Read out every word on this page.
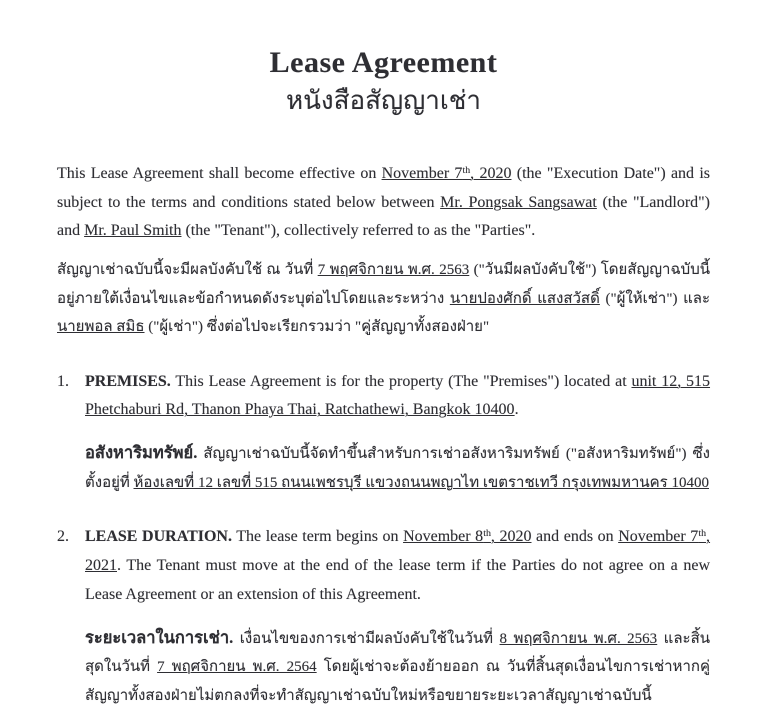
Lease Agreement
หนังสือสัญญาเช่า

This Lease Agreement shall become effective on November 7th, 2020 (the "Execution Date") and is subject to the terms and conditions stated below between Mr. Pongsak Sangsawat (the "Landlord") and Mr. Paul Smith (the "Tenant"), collectively referred to as the "Parties".

สัญญาเช่าฉบับนี้​จะมีผลบังคับใช้ ณ วันที่ 7 พฤศจิกายน พ.ศ. 2563 ("วันมีผลบังคับใช้") โดยสัญญาฉบับนี้​อยู่ภายใต้​เงื่อนไข​และ​ข้อกำหนด​ดังระบุต่อไป​โดยและระหว่าง นายปองศักดิ์ แสงสวัสดิ์ ("ผู้ให้เช่า") และ นายพอล สมิธ ("ผู้เช่า") ซึ่งต่อไปจะ​เรียกรวมว่า "คู่สัญญาทั้งสองฝ่าย"

1.	PREMISES. This Lease Agreement is for the property (The "Premises") located at unit 12, 515 Phetchaburi Rd, Thanon Phaya Thai, Ratchathewi, Bangkok 10400.

อสังหาริมทรัพย์. สัญญาเช่าฉบับนี้​จัดทำขึ้น​สำหรับ​การเช่า​อสังหาริมทรัพย์ ("อสังหาริมทรัพย์") ซึ่งตั้งอยู่ที่ ห้องเลขที่ 12 เลขที่ 515 ถนนเพชรบุรี แขวงถนนพญาไท เขตราชเทวี กรุงเทพมหานคร 10400

2.	LEASE DURATION. The lease term begins on November 8th, 2020 and ends on November 7th, 2021. The Tenant must move at the end of the lease term if the Parties do not agree on a new Lease Agreement or an extension of this Agreement.

ระยะเวลาในการเช่า. เงื่อนไข​ของ​การเช่า​มีผลบังคับใช้​ในวันที่ 8 พฤศจิกายน พ.ศ. 2563 และ​สิ้นสุด​ในวันที่ 7 พฤศจิกายน พ.ศ. 2564 โดยผู้เช่า​จะต้อง​ย้ายออก ณ วันที่​สิ้นสุด​เงื่อนไข​การเช่า​หาก​คู่สัญญา​ทั้งสองฝ่าย​ไม่ตกลง​ที่จะทำ​สัญญาเช่า​ฉบับใหม่​หรือ​ขยาย​ระยะเวลา​สัญญาเช่า​ฉบับนี้
